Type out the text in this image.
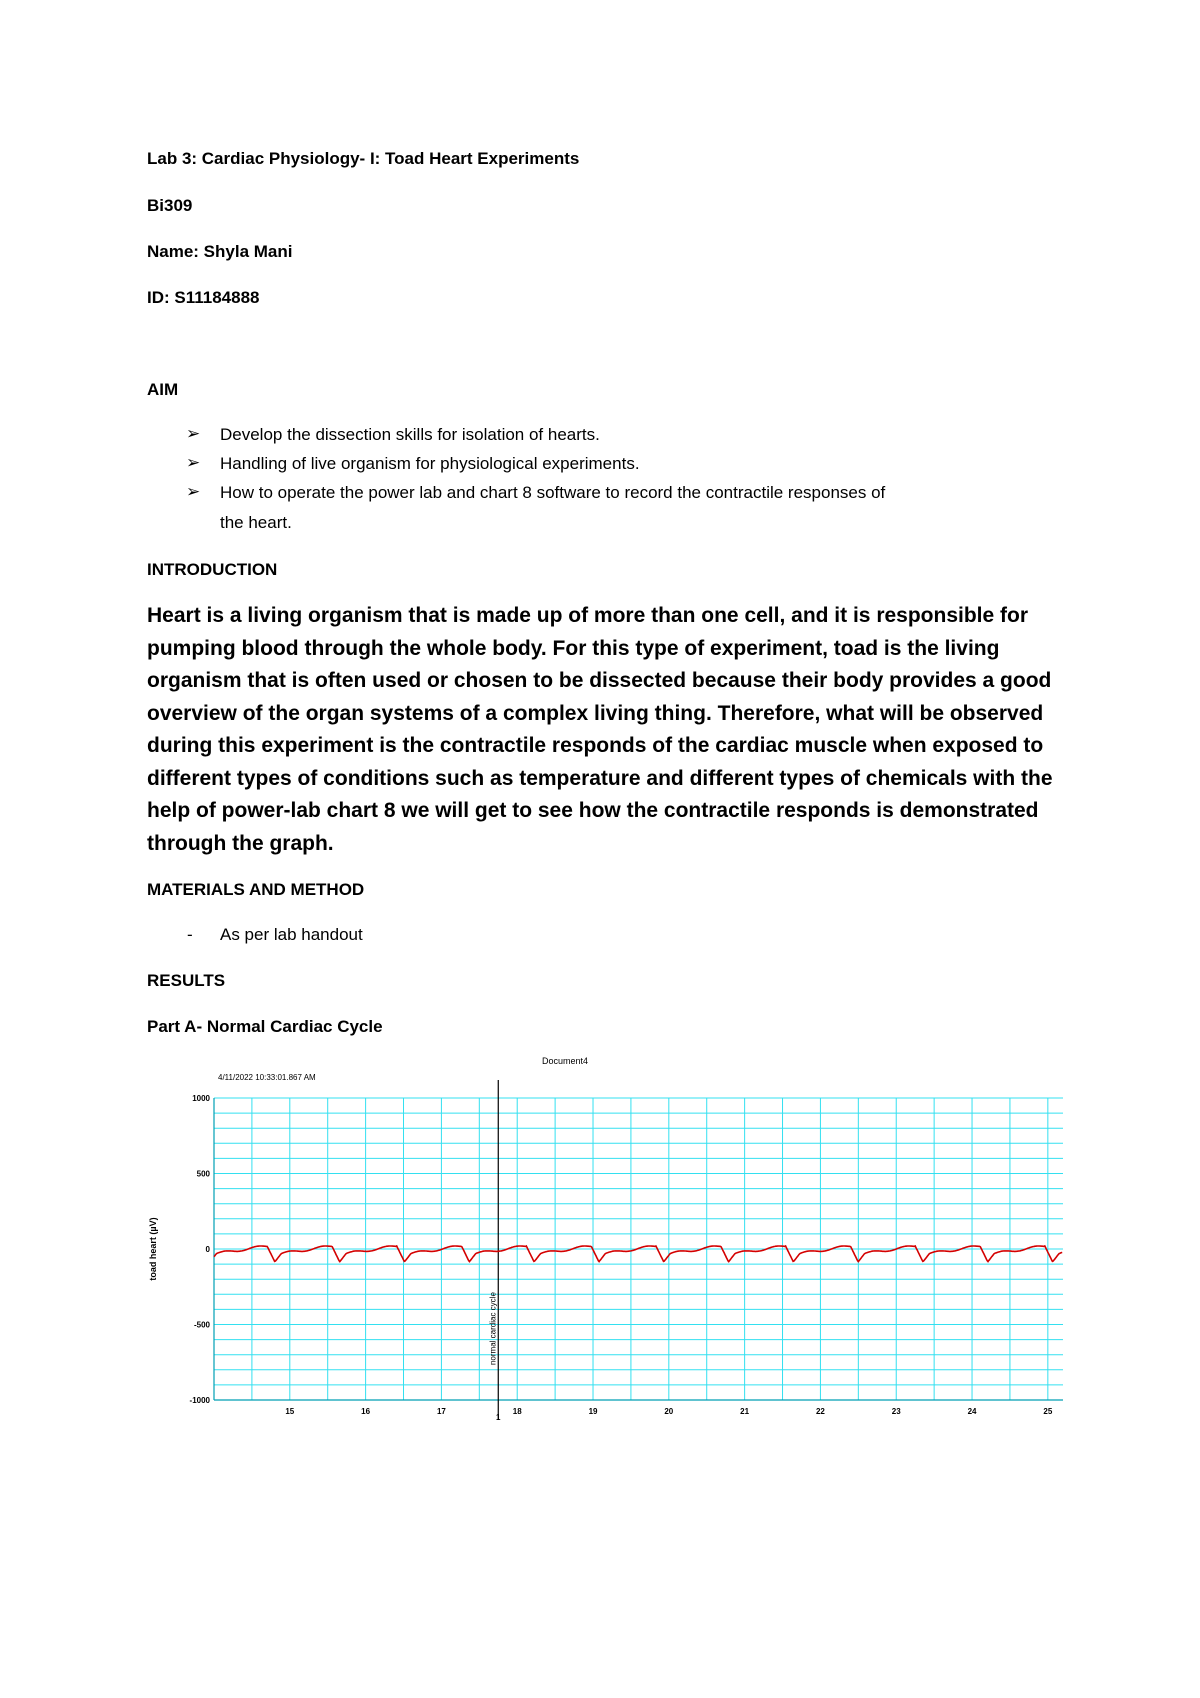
Lab 3: Cardiac Physiology- I: Toad Heart Experiments

Bi309

Name: Shyla Mani

ID: S11184888

AIM

➢ Develop the dissection skills for isolation of hearts.

➢ Handling of live organism for physiological experiments.

➢ How to operate the power lab and chart 8 software to record the contractile responses of

the heart.

INTRODUCTION

Heart is a living organism that is made up of more than one cell, and it is responsible for
pumping blood through the whole body. For this type of experiment, toad is the living
organism that is often used or chosen to be dissected because their body provides a good
overview of the organ systems of a complex living thing. Therefore, what will be observed
during this experiment is the contractile responds of the cardiac muscle when exposed to
different types of conditions such as temperature and different types of chemicals with the
help of power-lab chart 8 we will get to see how the contractile responds is demonstrated
through the graph.

MATERIALS AND METHOD

- As per lab handout

RESULTS

Part A- Normal Cardiac Cycle

Document4
4/11/2022 10:33:01.867 AM
1000
500
0
-500
-1000
15	16	17	18	19	20	21	22	23	24	25
toad heart (µV)
normal cardiac cycle
1
